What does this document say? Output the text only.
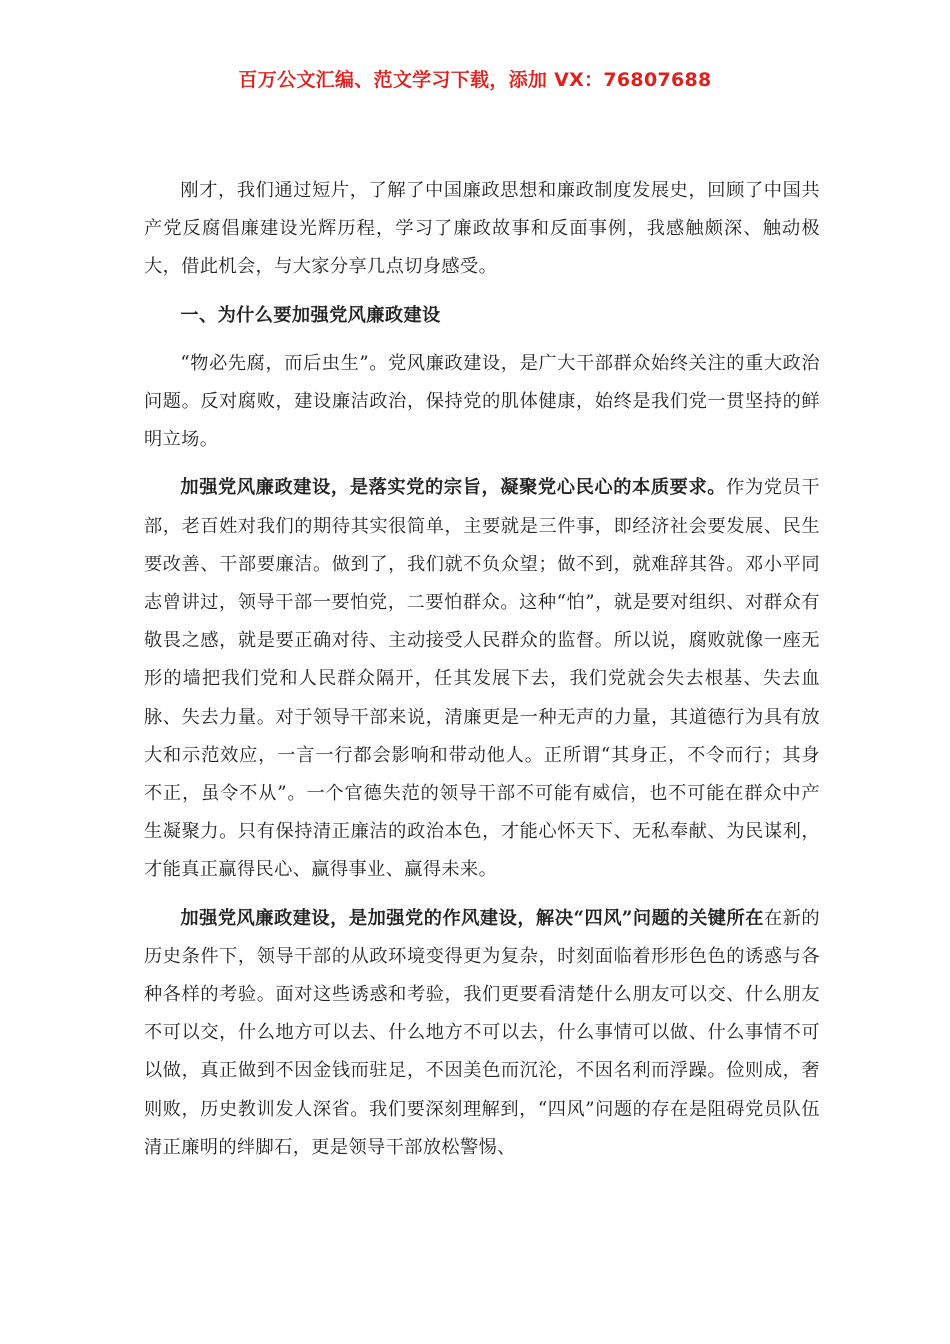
百万公文汇编、范文学习下载，添加 VX：76807688

刚才，我们通过短片，了解了中国廉政思想和廉政制度发展史，回顾了中国共产党反腐倡廉建设光辉历程，学习了廉政故事和反面事例，我感触颇深、触动极大，借此机会，与大家分享几点切身感受。

一、为什么要加强党风廉政建设

“物必先腐，而后虫生”。党风廉政建设，是广大干部群众始终关注的重大政治问题。反对腐败，建设廉洁政治，保持党的肌体健康，始终是我们党一贯坚持的鲜明立场。

加强党风廉政建设，是落实党的宗旨，凝聚党心民心的本质要求。作为党员干部，老百姓对我们的期待其实很简单，主要就是三件事，即经济社会要发展、民生要改善、干部要廉洁。做到了，我们就不负众望；做不到，就难辞其咎。邓小平同志曾讲过，领导干部一要怕党，二要怕群众。这种“怕”，就是要对组织、对群众有敬畏之感，就是要正确对待、主动接受人民群众的监督。所以说，腐败就像一座无形的墙把我们党和人民群众隔开，任其发展下去，我们党就会失去根基、失去血脉、失去力量。对于领导干部来说，清廉更是一种无声的力量，其道德行为具有放大和示范效应，一言一行都会影响和带动他人。正所谓“其身正，不令而行；其身不正，虽令不从”。一个官德失范的领导干部不可能有威信，也不可能在群众中产生凝聚力。只有保持清正廉洁的政治本色，才能心怀天下、无私奉献、为民谋利，才能真正赢得民心、赢得事业、赢得未来。

加强党风廉政建设，是加强党的作风建设，解决“四风”问题的关键所在在新的历史条件下，领导干部的从政环境变得更为复杂，时刻面临着形形色色的诱惑与各种各样的考验。面对这些诱惑和考验，我们更要看清楚什么朋友可以交、什么朋友不可以交，什么地方可以去、什么地方不可以去，什么事情可以做、什么事情不可以做，真正做到不因金钱而驻足，不因美色而沉沦，不因名利而浮躁。俭则成，奢则败，历史教训发人深省。我们要深刻理解到，“四风”问题的存在是阻碍党员队伍清正廉明的绊脚石，更是领导干部放松警惕、
